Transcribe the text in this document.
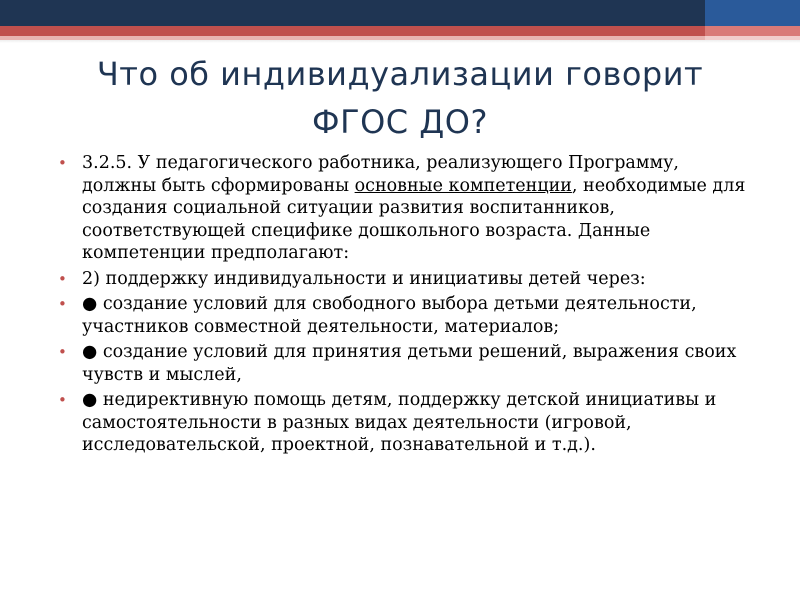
Что об индивидуализации говорит
ФГОС ДО?
• 3.2.5. У педагогического работника, реализующего Программу, должны быть сформированы основные компетенции, необходимые для создания социальной ситуации развития воспитанников, соответствующей специфике дошкольного возраста. Данные компетенции предполагают:
• 2) поддержку индивидуальности и инициативы детей через:
• ● создание условий для свободного выбора детьми деятельности, участников совместной деятельности, материалов;
• ● создание условий для принятия детьми решений, выражения своих чувств и мыслей,
• ● недирективную помощь детям, поддержку детской инициативы и самостоятельности в разных видах деятельности (игровой, исследовательской, проектной, познавательной и т.д.).
